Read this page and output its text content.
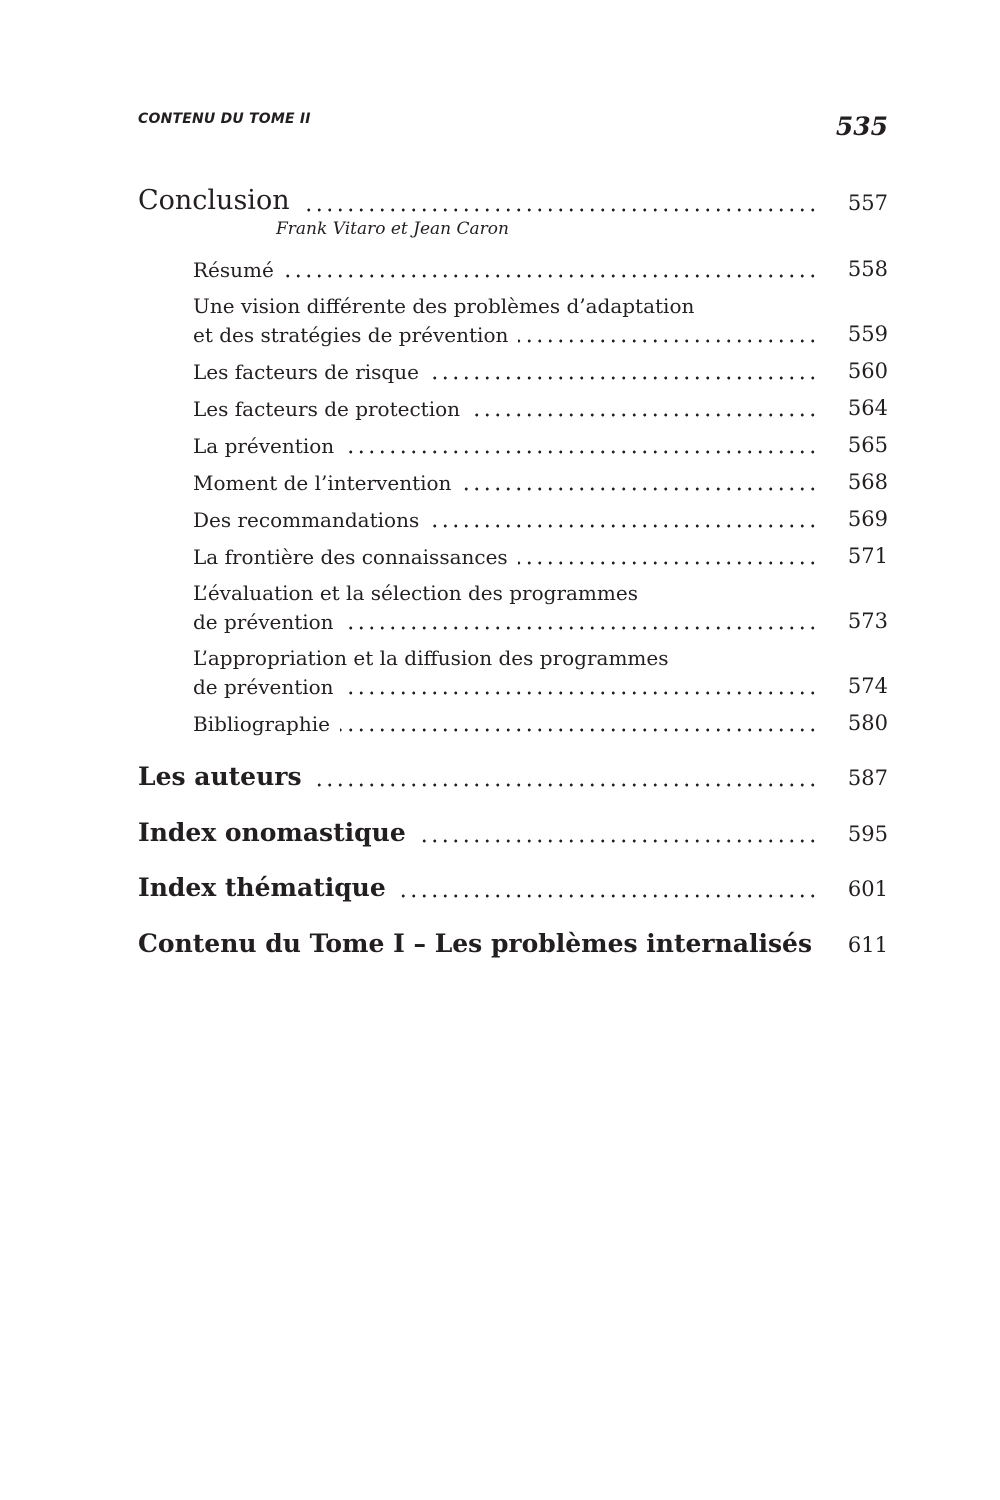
CONTENU DU TOME II	535
Conclusion	557
Frank Vitaro et Jean Caron
Résumé	558
Une vision différente des problèmes d’adaptation
et des stratégies de prévention	559
Les facteurs de risque	560
Les facteurs de protection	564
La prévention	565
Moment de l’intervention	568
Des recommandations	569
La frontière des connaissances	571
L’évaluation et la sélection des programmes
de prévention	573
L’appropriation et la diffusion des programmes
de prévention	574
Bibliographie	580
Les auteurs	587
Index onomastique	595
Index thématique	601
Contenu du Tome I – Les problèmes internalisés	611
